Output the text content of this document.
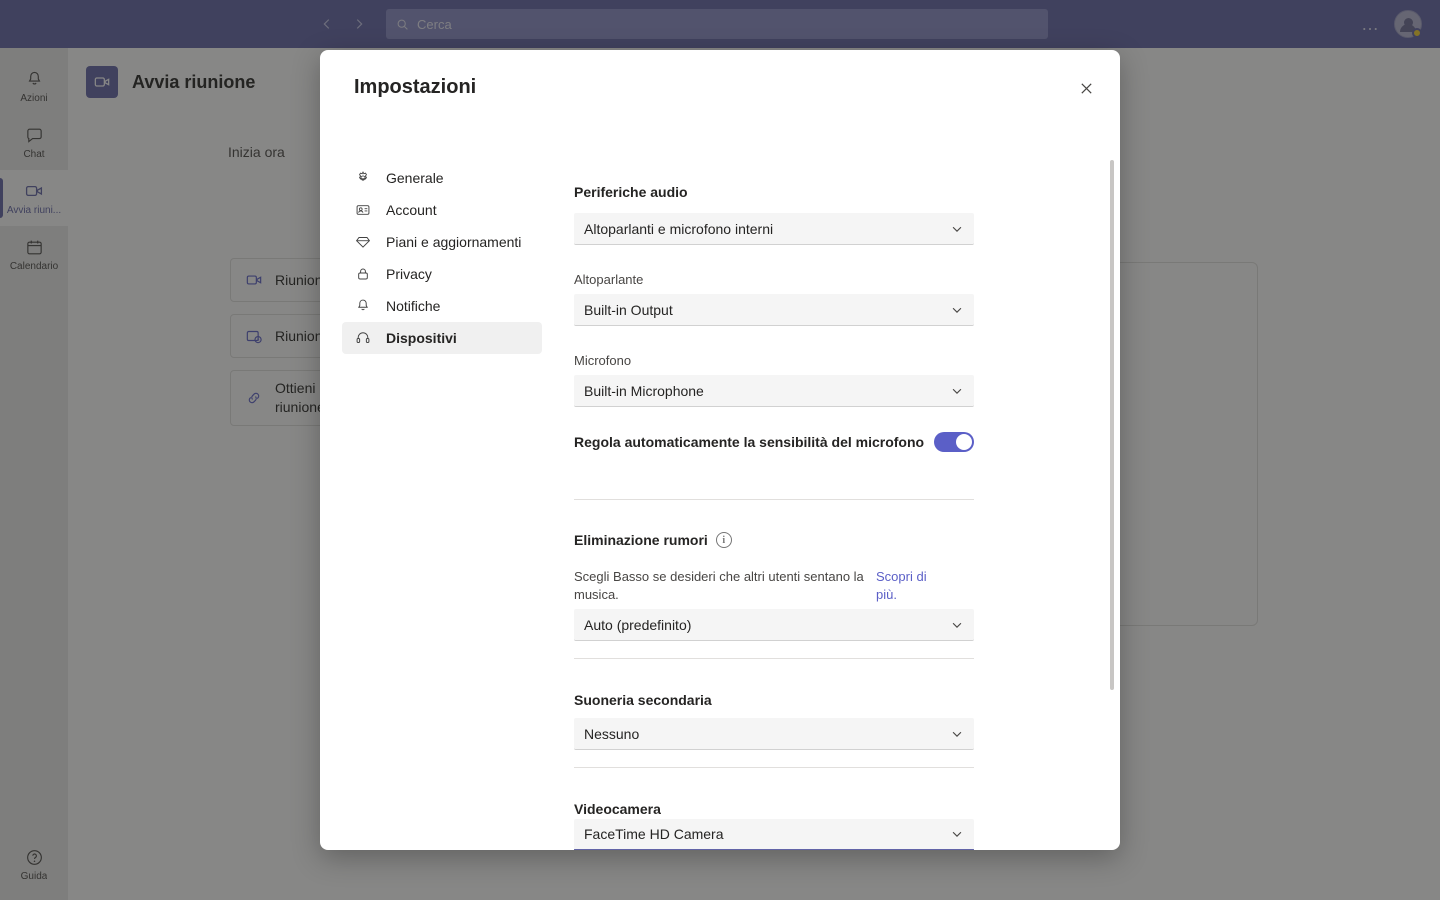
Impostazioni
Generale
Account
Piani e aggiornamenti
Privacy
Notifiche
Dispositivi
Periferiche audio
Altoparlanti e microfono interni
Altoparlante
Built-in Output
Microfono
Built-in Microphone
Regola automaticamente la sensibilità del microfono
Eliminazione rumori	i
Scegli Basso se desideri che altri utenti sentano la musica.
Scopri di più.
Auto (predefinito)
Suoneria secondaria
Nessuno
Videocamera
FaceTime HD Camera
